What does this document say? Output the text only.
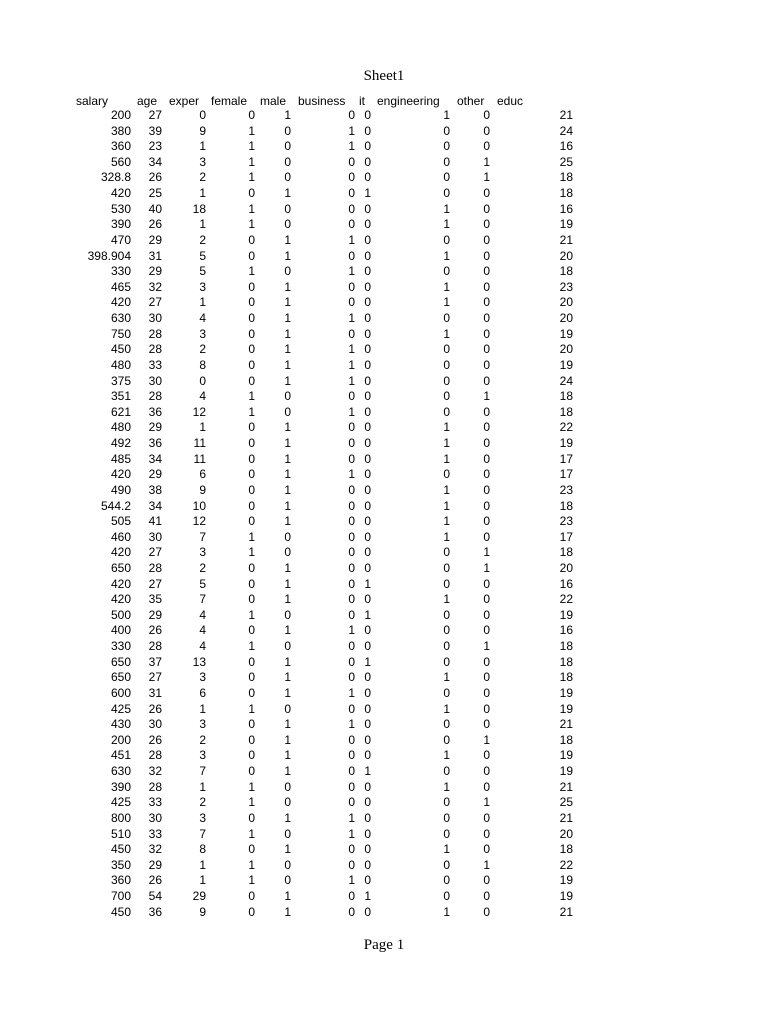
Sheet1
salary age exper female male business it engineering other educ
200 27	0	0 1	0 0	1	0	21
380 39	9	1 0	1 0	0	0	24
360 23	1	1 0	1 0	0	0	16
560 34	3	1 0	0 0	0	1	25
328.8 26	2	1 0	0 0	0	1	18
420 25	1	0 1	0 1	0	0	18
530 40	18	1 0	0 0	1	0	16
390 26	1	1 0	0 0	1	0	19
470 29	2	0 1	1 0	0	0	21
398.904 31	5	0 1	0 0	1	0	20
330 29	5	1 0	1 0	0	0	18
465 32	3	0 1	0 0	1	0	23
420 27	1	0 1	0 0	1	0	20
630 30	4	0 1	1 0	0	0	20
750 28	3	0 1	0 0	1	0	19
450 28	2	0 1	1 0	0	0	20
480 33	8	0 1	1 0	0	0	19
375 30	0	0 1	1 0	0	0	24
351 28	4	1 0	0 0	0	1	18
621 36	12	1 0	1 0	0	0	18
480 29	1	0 1	0 0	1	0	22
492 36	11	0 1	0 0	1	0	19
485 34	11	0 1	0 0	1	0	17
420 29	6	0 1	1 0	0	0	17
490 38	9	0 1	0 0	1	0	23
544.2 34	10	0 1	0 0	1	0	18
505 41	12	0 1	0 0	1	0	23
460 30	7	1 0	0 0	1	0	17
420 27	3	1 0	0 0	0	1	18
650 28	2	0 1	0 0	0	1	20
420 27	5	0 1	0 1	0	0	16
420 35	7	0 1	0 0	1	0	22
500 29	4	1 0	0 1	0	0	19
400 26	4	0 1	1 0	0	0	16
330 28	4	1 0	0 0	0	1	18
650 37	13	0 1	0 1	0	0	18
650 27	3	0 1	0 0	1	0	18
600 31	6	0 1	1 0	0	0	19
425 26	1	1 0	0 0	1	0	19
430 30	3	0 1	1 0	0	0	21
200 26	2	0 1	0 0	0	1	18
451 28	3	0 1	0 0	1	0	19
630 32	7	0 1	0 1	0	0	19
390 28	1	1 0	0 0	1	0	21
425 33	2	1 0	0 0	0	1	25
800 30	3	0 1	1 0	0	0	21
510 33	7	1 0	1 0	0	0	20
450 32	8	0 1	0 0	1	0	18
350 29	1	1 0	0 0	0	1	22
360 26	1	1 0	1 0	0	0	19
700 54	29	0 1	0 1	0	0	19
450 36	9	0 1	0 0	1	0	21
Page 1
